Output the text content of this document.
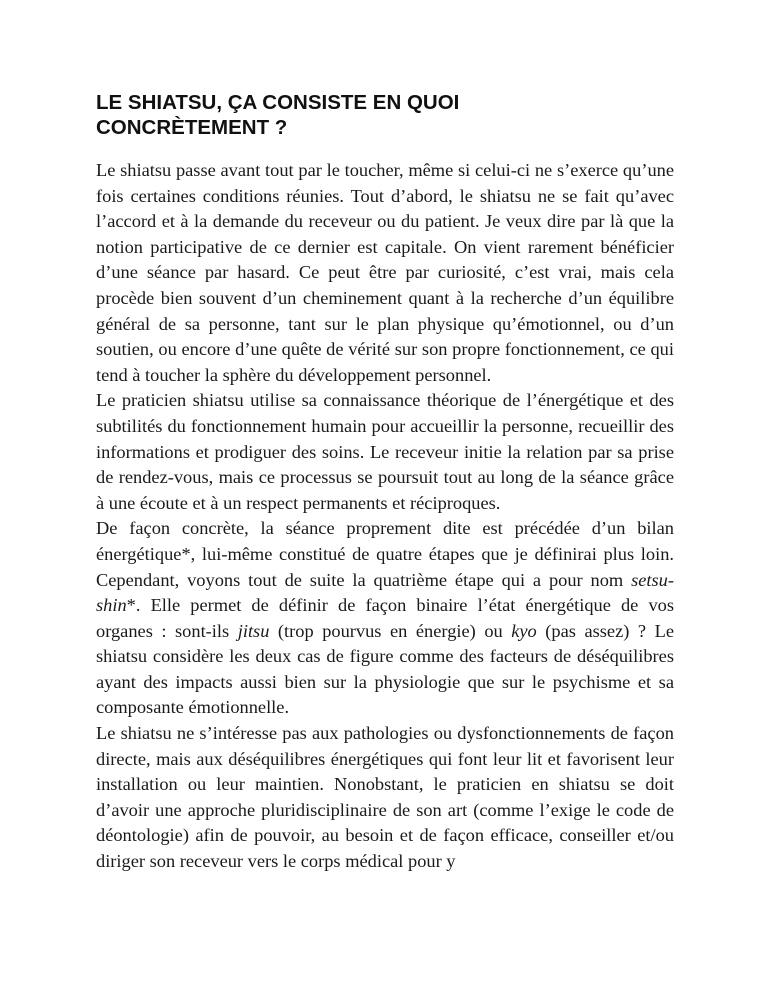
LE SHIATSU, ÇA CONSISTE EN QUOI
CONCRÈTEMENT ?

Le shiatsu passe avant tout par le toucher, même si celui-ci ne s’exerce qu’une fois certaines conditions réunies. Tout d’abord, le shiatsu ne se fait qu’avec l’accord et à la demande du receveur ou du patient. Je veux dire par là que la notion participative de ce dernier est capitale. On vient rarement bénéficier d’une séance par hasard. Ce peut être par curiosité, c’est vrai, mais cela procède bien souvent d’un cheminement quant à la recherche d’un équilibre général de sa personne, tant sur le plan physique qu’émotionnel, ou d’un soutien, ou encore d’une quête de vérité sur son propre fonctionnement, ce qui tend à toucher la sphère du développement personnel.

Le praticien shiatsu utilise sa connaissance théorique de l’énergétique et des subtilités du fonctionnement humain pour accueillir la personne, recueillir des informations et prodiguer des soins. Le receveur initie la relation par sa prise de rendez-vous, mais ce processus se poursuit tout au long de la séance grâce à une écoute et à un respect permanents et réciproques.

De façon concrète, la séance proprement dite est précédée d’un bilan énergétique*, lui-même constitué de quatre étapes que je définirai plus loin. Cependant, voyons tout de suite la quatrième étape qui a pour nom setsu-shin*. Elle permet de définir de façon binaire l’état énergétique de vos organes : sont-ils jitsu (trop pourvus en énergie) ou kyo (pas assez) ? Le shiatsu considère les deux cas de figure comme des facteurs de déséquilibres ayant des impacts aussi bien sur la physiologie que sur le psychisme et sa composante émotionnelle.

Le shiatsu ne s’intéresse pas aux pathologies ou dysfonctionnements de façon directe, mais aux déséquilibres énergétiques qui font leur lit et favorisent leur installation ou leur maintien. Nonobstant, le praticien en shiatsu se doit d’avoir une approche pluridisciplinaire de son art (comme l’exige le code de déontologie) afin de pouvoir, au besoin et de façon efficace, conseiller et/ou diriger son receveur vers le corps médical pour y
